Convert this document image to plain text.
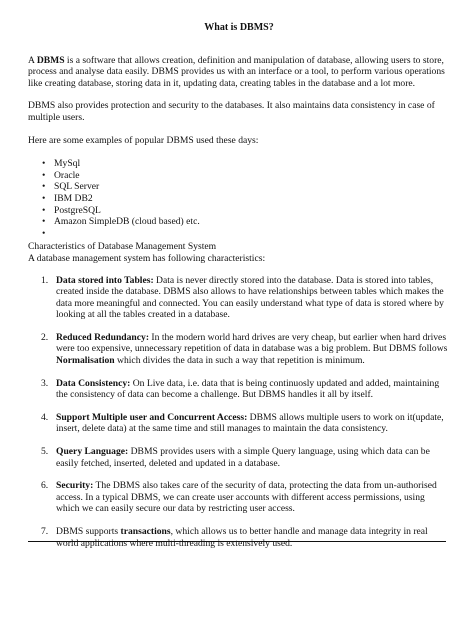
What is DBMS?

A DBMS is a software that allows creation, definition and manipulation of database, allowing users to store, process and analyse data easily. DBMS provides us with an interface or a tool, to perform various operations like creating database, storing data in it, updating data, creating tables in the database and a lot more.

DBMS also provides protection and security to the databases. It also maintains data consistency in case of multiple users.

Here are some examples of popular DBMS used these days:

• MySql
• Oracle
• SQL Server
• IBM DB2
• PostgreSQL
• Amazon SimpleDB (cloud based) etc.
•

Characteristics of Database Management System

A database management system has following characteristics:

1. Data stored into Tables: Data is never directly stored into the database. Data is stored into tables, created inside the database. DBMS also allows to have relationships between tables which makes the data more meaningful and connected. You can easily understand what type of data is stored where by looking at all the tables created in a database.
2. Reduced Redundancy: In the modern world hard drives are very cheap, but earlier when hard drives were too expensive, unnecessary repetition of data in database was a big problem. But DBMS follows Normalisation which divides the data in such a way that repetition is minimum.
3. Data Consistency: On Live data, i.e. data that is being continuosly updated and added, maintaining the consistency of data can become a challenge. But DBMS handles it all by itself.
4. Support Multiple user and Concurrent Access: DBMS allows multiple users to work on it(update, insert, delete data) at the same time and still manages to maintain the data consistency.
5. Query Language: DBMS provides users with a simple Query language, using which data can be easily fetched, inserted, deleted and updated in a database.
6. Security: The DBMS also takes care of the security of data, protecting the data from un-authorised access. In a typical DBMS, we can create user accounts with different access permissions, using which we can easily secure our data by restricting user access.
7. DBMS supports transactions, which allows us to better handle and manage data integrity in real world applications where multi-threading is extensively used.
